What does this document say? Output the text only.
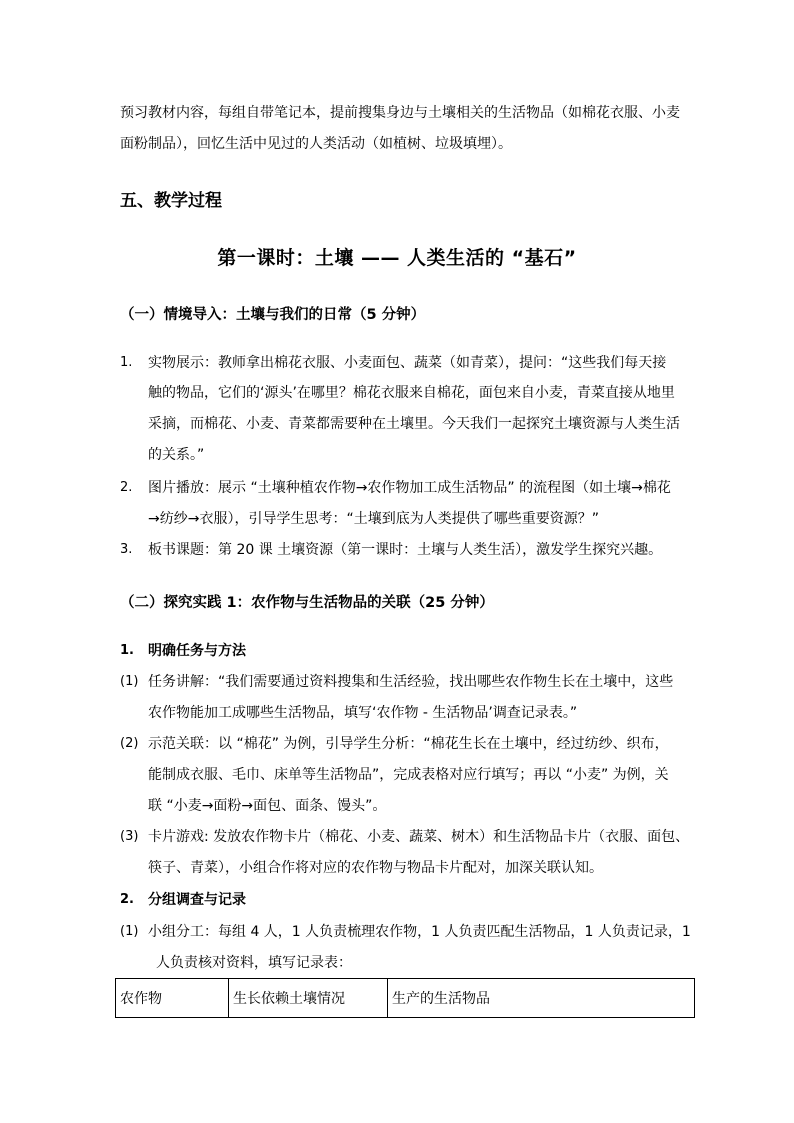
预习教材内容，每组自带笔记本，提前搜集身边与土壤相关的生活物品（如棉花衣服、小麦
面粉制品），回忆生活中见过的人类活动（如植树、垃圾填埋）。
五、教学过程
第一课时：土壤 —— 人类生活的 “基石”
（一）情境导入：土壤与我们的日常（5 分钟）
1. 实物展示：教师拿出棉花衣服、小麦面包、蔬菜（如青菜），提问：“这些我们每天接
触的物品，它们的‘源头’在哪里？棉花衣服来自棉花，面包来自小麦，青菜直接从地里
采摘，而棉花、小麦、青菜都需要种在土壤里。今天我们一起探究土壤资源与人类生活
的关系。”
2. 图片播放：展示 “土壤种植农作物→农作物加工成生活物品” 的流程图（如土壤→棉花
→纺纱→衣服），引导学生思考：“土壤到底为人类提供了哪些重要资源？”
3. 板书课题：第 20 课 土壤资源（第一课时：土壤与人类生活），激发学生探究兴趣。
（二）探究实践 1：农作物与生活物品的关联（25 分钟）
1. 明确任务与方法
(1) 任务讲解：“我们需要通过资料搜集和生活经验，找出哪些农作物生长在土壤中，这些
农作物能加工成哪些生活物品，填写‘农作物 - 生活物品’调查记录表。”
(2) 示范关联：以 “棉花” 为例，引导学生分析：“棉花生长在土壤中，经过纺纱、织布，
能制成衣服、毛巾、床单等生活物品”，完成表格对应行填写；再以 “小麦” 为例，关
联 “小麦→面粉→面包、面条、馒头”。
(3) 卡片游戏: 发放农作物卡片（棉花、小麦、蔬菜、树木）和生活物品卡片（衣服、面包、
筷子、青菜），小组合作将对应的农作物与物品卡片配对，加深关联认知。
2. 分组调查与记录
(1) 小组分工：每组 4 人，1 人负责梳理农作物，1 人负责匹配生活物品，1 人负责记录，1
人负责核对资料，填写记录表：
农作物	生长依赖土壤情况	生产的生活物品
